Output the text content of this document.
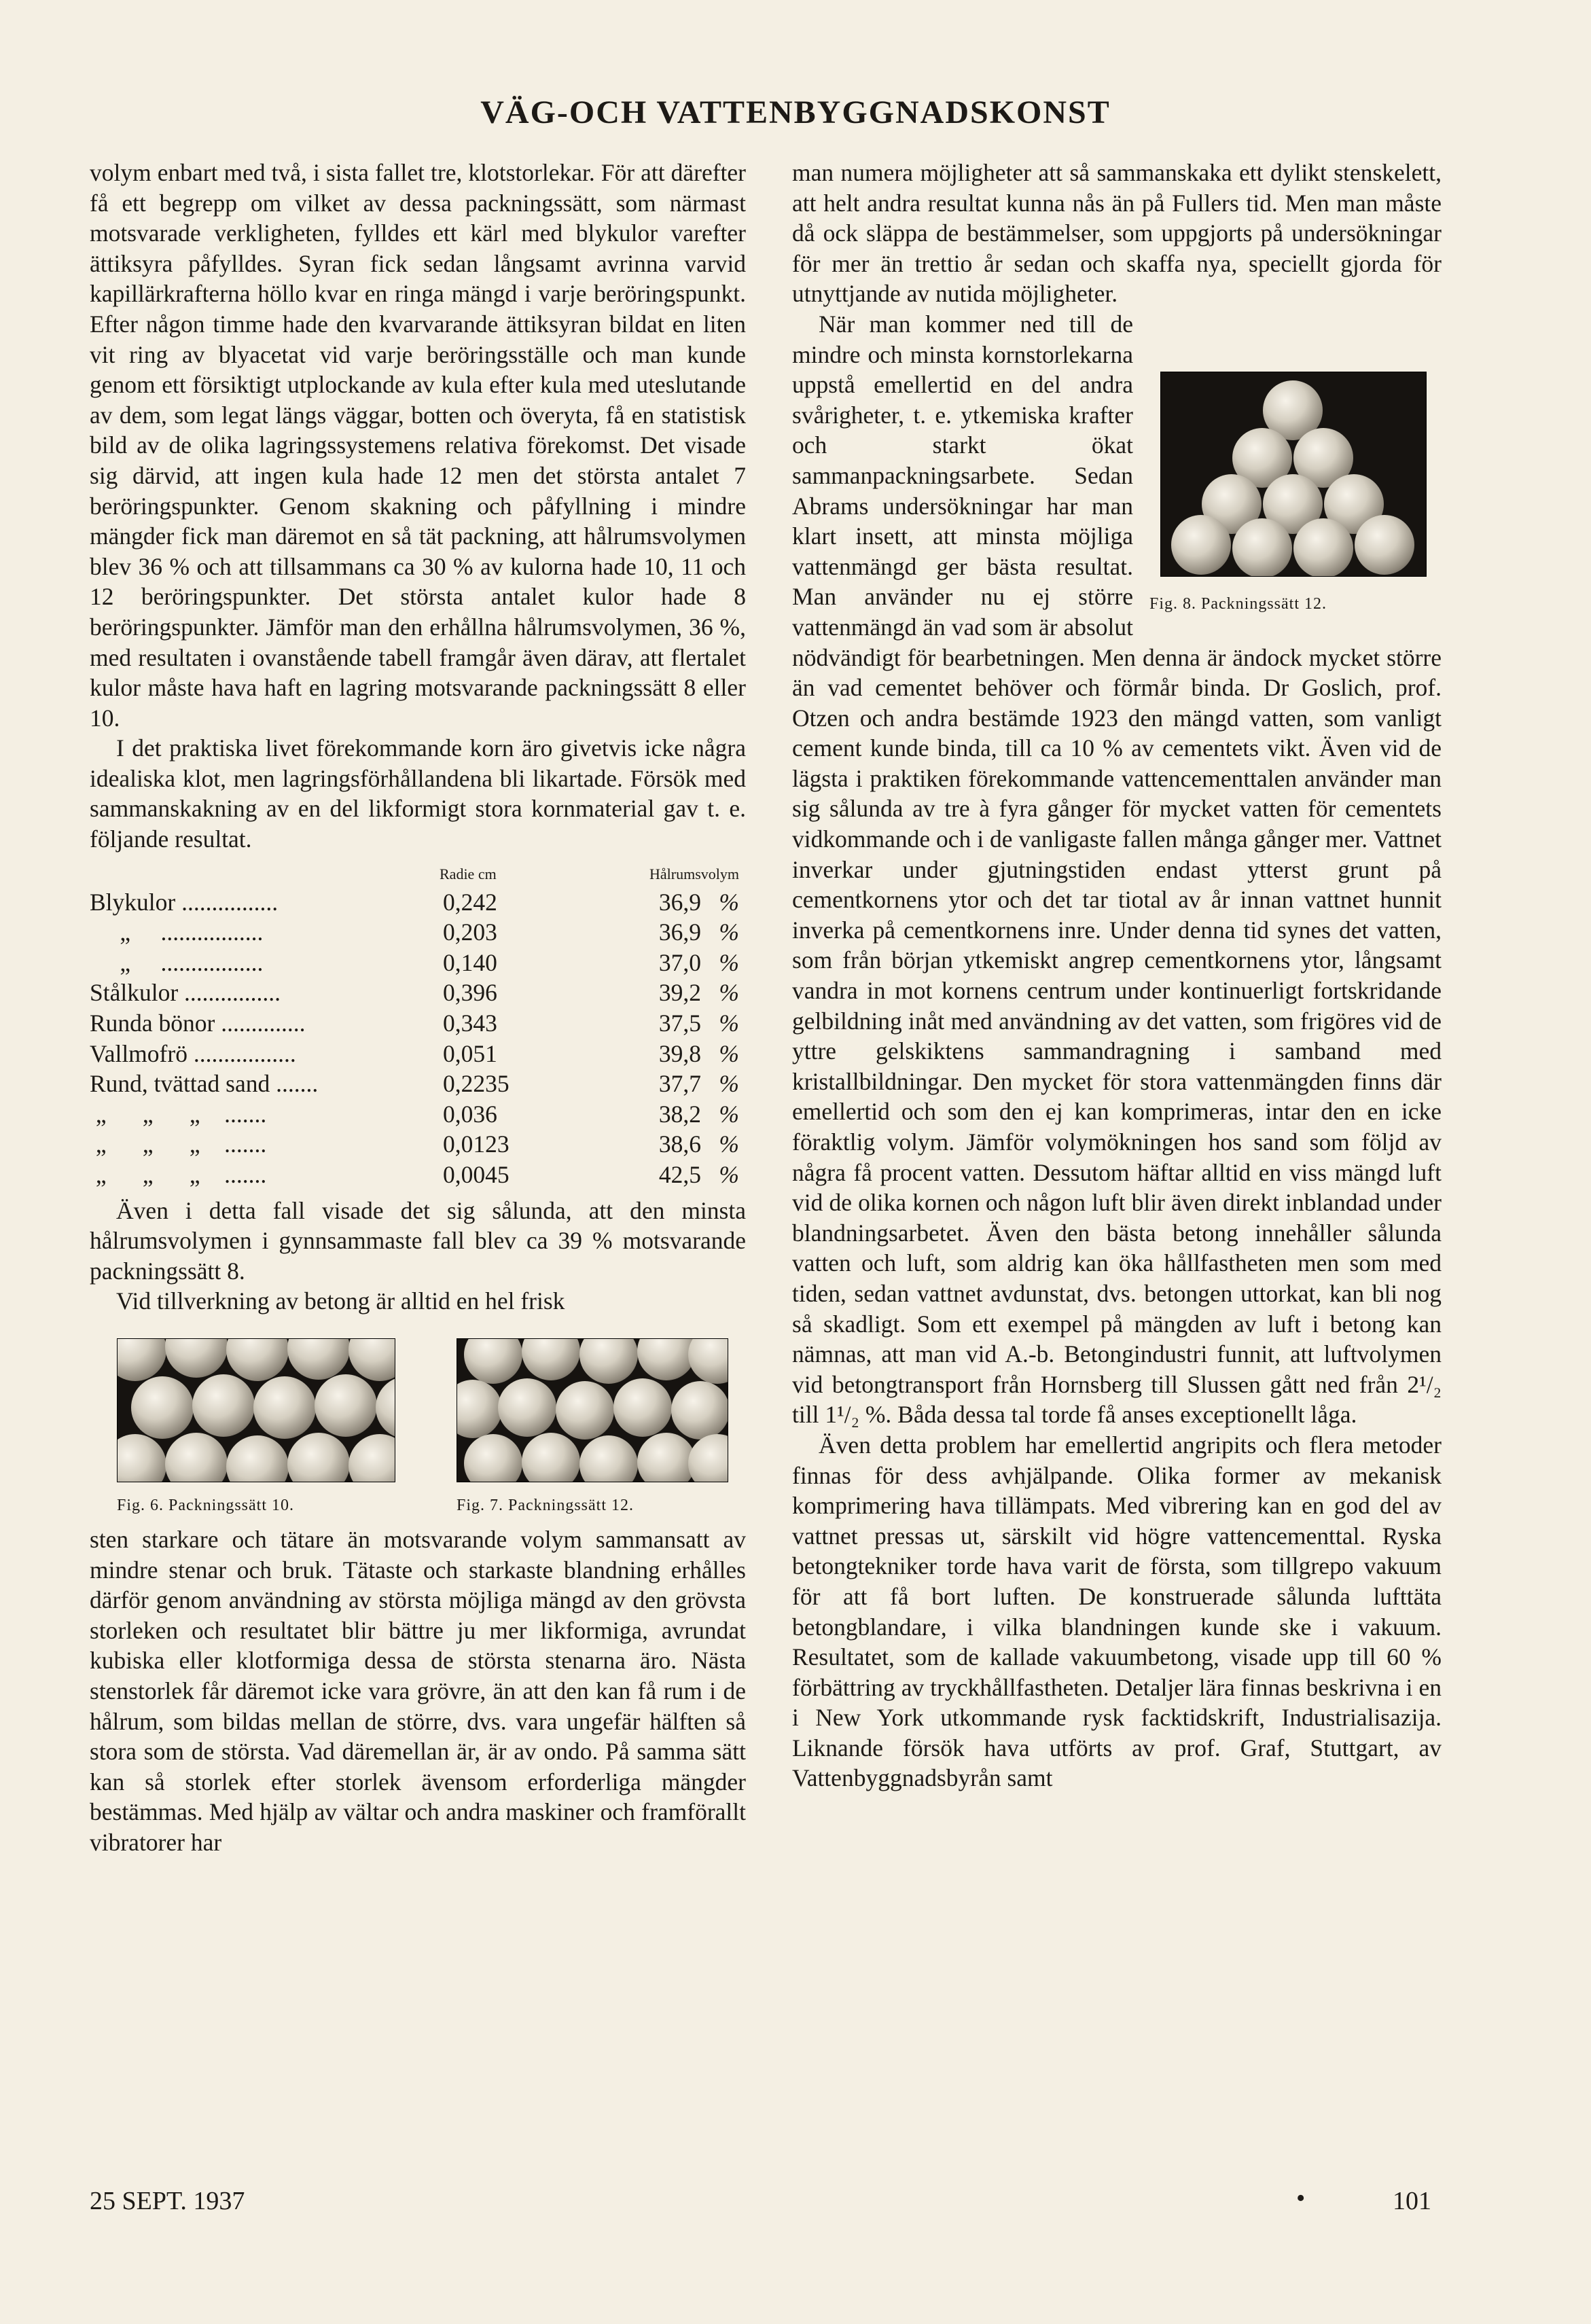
VÄG-OCH VATTENBYGGNADSKONST

volym enbart med två, i sista fallet tre, klotstorlekar. För att därefter få ett begrepp om vilket av dessa packningssätt, som närmast motsvarade verkligheten, fylldes ett kärl med blykulor varefter ättiksyra påfylldes. Syran fick sedan långsamt avrinna varvid kapillärkrafterna höllo kvar en ringa mängd i varje beröringspunkt. Efter någon timme hade den kvarvarande ättiksyran bildat en liten vit ring av blyacetat vid varje beröringsställe och man kunde genom ett försiktigt utplockande av kula efter kula med uteslutande av dem, som legat längs väggar, botten och överyta, få en statistisk bild av de olika lagringssystemens relativa förekomst. Det visade sig därvid, att ingen kula hade 12 men det största antalet 7 beröringspunkter. Genom skakning och påfyllning i mindre mängder fick man däremot en så tät packning, att hålrumsvolymen blev 36 % och att tillsammans ca 30 % av kulorna hade 10, 11 och 12 beröringspunkter. Det största antalet kulor hade 8 beröringspunkter. Jämför man den erhållna hålrumsvolymen, 36 %, med resultaten i ovanstående tabell framgår även därav, att flertalet kulor måste hava haft en lagring motsvarande packningssätt 8 eller 10.

I det praktiska livet förekommande korn äro givetvis icke några idealiska klot, men lagringsförhållandena bli likartade. Försök med sammanskakning av en del likformigt stora kornmaterial gav t. e. följande resultat.

Radie cm	Hålrumsvolym
Blykulor ................	0,242	36,9 %
„     .................	0,203	36,9 %
„     .................	0,140	37,0 %
Stålkulor ................	0,396	39,2 %
Runda bönor ..............	0,343	37,5 %
Vallmofrö .................	0,051	39,8 %
Rund, tvättad sand .......	0,2235	37,7 %
„      „      „    .......	0,036	38,2 %
„      „      „    .......	0,0123	38,6 %
„      „      „    .......	0,0045	42,5 %

Även i detta fall visade det sig sålunda, att den minsta hålrumsvolymen i gynnsammaste fall blev ca 39 % motsvarande packningssätt 8.

Vid tillverkning av betong är alltid en hel frisk

Fig. 6. Packningssätt 10.	Fig. 7. Packningssätt 12.

sten starkare och tätare än motsvarande volym sammansatt av mindre stenar och bruk. Tätaste och starkaste blandning erhålles därför genom användning av största möjliga mängd av den grövsta storleken och resultatet blir bättre ju mer likformiga, avrundat kubiska eller klotformiga dessa de största stenarna äro. Nästa stenstorlek får däremot icke vara grövre, än att den kan få rum i de hålrum, som bildas mellan de större, dvs. vara ungefär hälften så stora som de största. Vad däremellan är, är av ondo. På samma sätt kan så storlek efter storlek ävensom erforderliga mängder bestämmas. Med hjälp av vältar och andra maskiner och framförallt vibratorer har

man numera möjligheter att så sammanskaka ett dylikt stenskelett, att helt andra resultat kunna nås än på Fullers tid. Men man måste då ock släppa de bestämmelser, som uppgjorts på undersökningar för mer än trettio år sedan och skaffa nya, speciellt gjorda för utnyttjande av nutida möjligheter.

Fig. 8. Packningssätt 12.

När man kommer ned till de mindre och minsta kornstorlekarna uppstå emellertid en del andra svårigheter, t. e. ytkemiska krafter och starkt ökat sammanpackningsarbete. Sedan Abrams undersökningar har man klart insett, att minsta möjliga vattenmängd ger bästa resultat. Man använder nu ej större vattenmängd än vad som är absolut nödvändigt för bearbetningen. Men denna är ändock mycket större än vad cementet behöver och förmår binda. Dr Goslich, prof. Otzen och andra bestämde 1923 den mängd vatten, som vanligt cement kunde binda, till ca 10 % av cementets vikt. Även vid de lägsta i praktiken förekommande vattencementtalen använder man sig sålunda av tre à fyra gånger för mycket vatten för cementets vidkommande och i de vanligaste fallen många gånger mer. Vattnet inverkar under gjutningstiden endast ytterst grunt på cementkornens ytor och det tar tiotal av år innan vattnet hunnit inverka på cementkornens inre. Under denna tid synes det vatten, som från början ytkemiskt angrep cementkornens ytor, långsamt vandra in mot kornens centrum under kontinuerligt fortskridande gelbildning inåt med användning av det vatten, som frigöres vid de yttre gelskiktens sammandragning i samband med kristallbildningar. Den mycket för stora vattenmängden finns där emellertid och som den ej kan komprimeras, intar den en icke föraktlig volym. Jämför volymökningen hos sand som följd av några få procent vatten. Dessutom häftar alltid en viss mängd luft vid de olika kornen och någon luft blir även direkt inblandad under blandningsarbetet. Även den bästa betong innehåller sålunda vatten och luft, som aldrig kan öka hållfastheten men som med tiden, sedan vattnet avdunstat, dvs. betongen uttorkat, kan bli nog så skadligt. Som ett exempel på mängden av luft i betong kan nämnas, att man vid A.-b. Betongindustri funnit, att luftvolymen vid betongtransport från Hornsberg till Slussen gått ned från 2¹/₂ till 1¹/₂ %. Båda dessa tal torde få anses exceptionellt låga.

Även detta problem har emellertid angripits och flera metoder finnas för dess avhjälpande. Olika former av mekanisk komprimering hava tillämpats. Med vibrering kan en god del av vattnet pressas ut, särskilt vid högre vattencementtal. Ryska betongtekniker torde hava varit de första, som tillgrepo vakuum för att få bort luften. De konstruerade sålunda lufttäta betongblandare, i vilka blandningen kunde ske i vakuum. Resultatet, som de kallade vakuumbetong, visade upp till 60 % förbättring av tryckhållfastheten. Detaljer lära finnas beskrivna i en i New York utkommande rysk facktidskrift, Industrialisazija. Liknande försök hava utförts av prof. Graf, Stuttgart, av Vattenbyggnadsbyrån samt

25 SEPT. 1937	•	101
